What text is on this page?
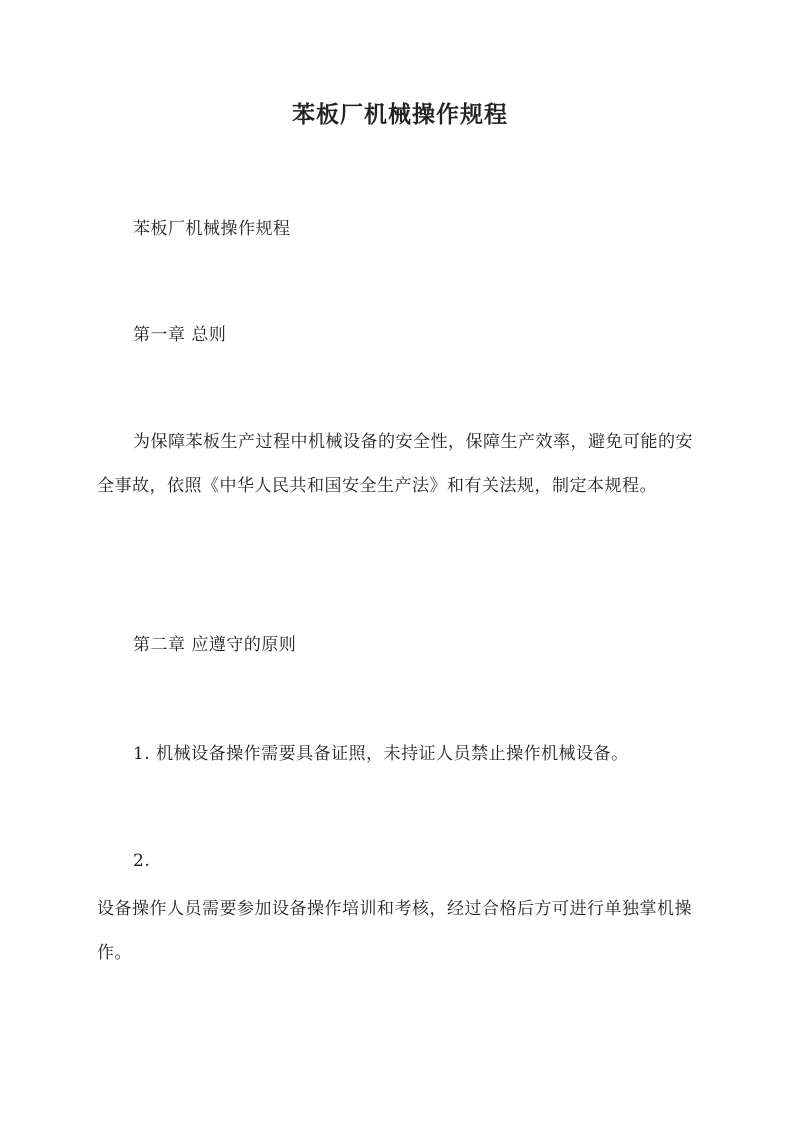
苯板厂机械操作规程
苯板厂机械操作规程
第一章 总则

为保障苯板生产过程中机械设备的安全性，保障生产效率，避免可能的安全事故，依照《中华人民共和国安全生产法》和有关法规，制定本规程。

第二章 应遵守的原则
1. 机械设备操作需要具备证照，未持证人员禁止操作机械设备。
2.

设备操作人员需要参加设备操作培训和考核，经过合格后方可进行单独掌机操作。
